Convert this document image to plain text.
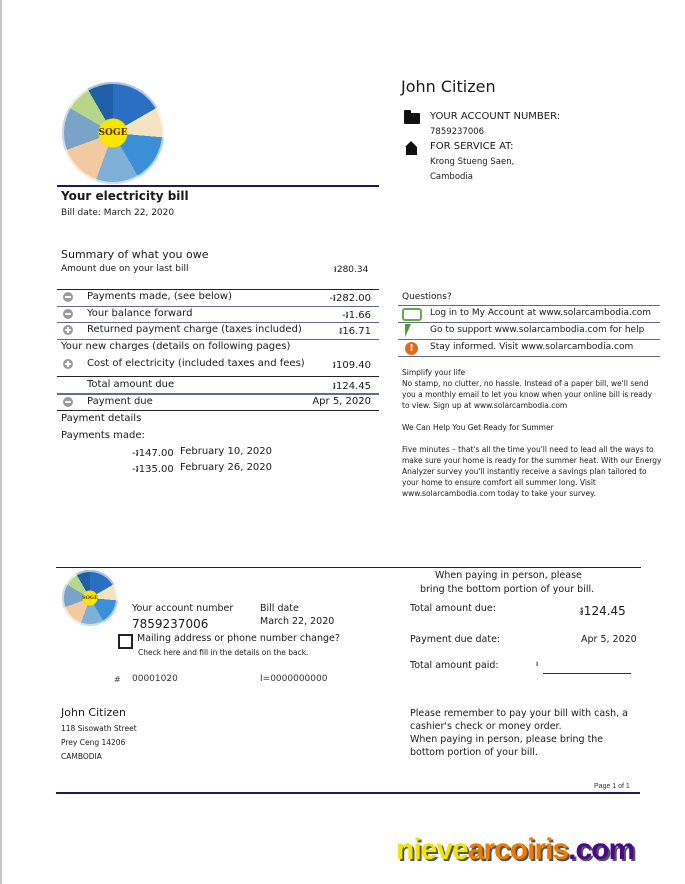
SOGE
Your electricity bill
Bill date: March 22, 2020
John Citizen
YOUR ACCOUNT NUMBER:
7859237006
FOR SERVICE AT:
Krong Stueng Saen,
Cambodia
Summary of what you owe
Amount due on your last bill	៛280.34
Payments made, (see below)	-៛282.00
Your balance forward	-៛1.66
Returned payment charge (taxes included)	៛16.71
Your new charges (details on following pages)
Cost of electricity (included taxes and fees)	៛109.40
Total amount due	៛124.45
Payment due	Apr 5, 2020
Payment details
Payments made:
-៛147.00 February 10, 2020
-៛135.00 February 26, 2020
Questions?
Log in to My Account at www.solarcambodia.com
Go to support www.solarcambodia.com for help
!	Stay informed. Visit www.solarcambodia.com
Simplify your life
No stamp, no clutter, no hassle. Instead of a paper bill, we'll send you a monthly email to let you know when your online bill is ready to view. Sign up at www.solarcambodia.com
We Can Help You Get Ready for Summer
Five minutes – that's all the time you'll need to lead all the ways to make sure your home is ready for the summer heat. With our Energy Analyzer survey you'll instantly receive a savings plan tailored to your home to ensure comfort all summer long. Visit www.solarcambodia.com today to take your survey.
SOGE
Your account number
7859237006
Bill date
March 22, 2020
Mailing address or phone number change?
Check here and fill in the details on the back.
# 00001020	I=0000000000
When paying in person, please
bring the bottom portion of your bill.
Total amount due:	៛124.45
Payment due date:	Apr 5, 2020
Total amount paid:	៛
John Citizen
118 Sisowath Street
Prey Ceng 14206
CAMBODIA
Please remember to pay your bill with cash, a cashier's check or money order.
When paying in person, please bring the bottom portion of your bill.
Page 1 of 1
nievearcoiris.com
